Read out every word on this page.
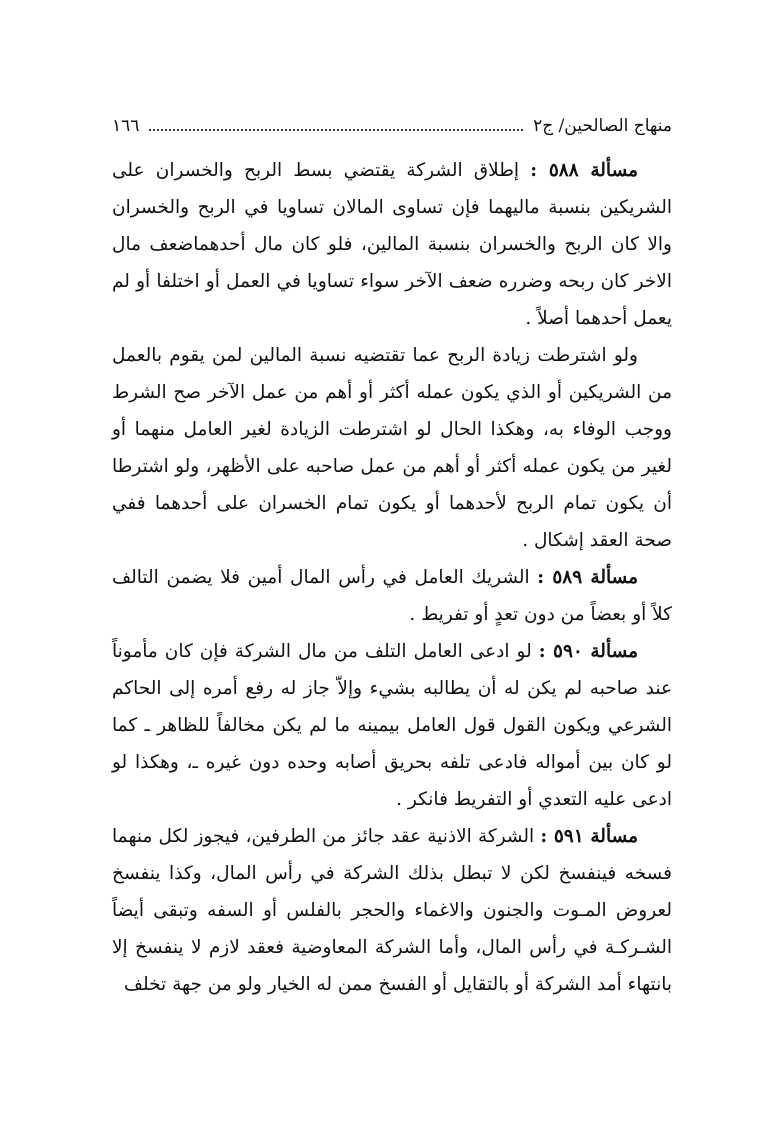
منهاج الصالحين/ ج٢
١٦٦

مسألة ٥٨٨ : إطلاق الشركة يقتضي بسط الربح والخسران على الشريكين بنسبة ماليهما فإن تساوى المالان تساويا في الربح والخسران والا كان الربح والخسران بنسبة المالين، فلو كان مال أحدهماضعف مال الاخر كان ربحه وضرره ضعف الآخر سواء تساويا في العمل أو اختلفا أو لم يعمل أحدهما أصلاً .

ولو اشترطت زيادة الربح عما تقتضيه نسبة المالين لمن يقوم بالعمل من الشريكين أو الذي يكون عمله أكثر أو أهم من عمل الآخر صح الشرط ووجب الوفاء به، وهكذا الحال لو اشترطت الزيادة لغير العامل منهما أو لغير من يكون عمله أكثر أو أهم من عمل صاحبه على الأظهر، ولو اشترطا أن يكون تمام الربح لأحدهما أو يكون تمام الخسران على أحدهما ففي صحة العقد إشكال .

مسألة ٥٨٩ : الشريك العامل في رأس المال أمين فلا يضمن التالف كلاً أو بعضاً من دون تعدٍ أو تفريط .

مسألة ٥٩٠ : لو ادعى العامل التلف من مال الشركة فإن كان مأموناً عند صاحبه لم يكن له أن يطالبه بشيء وإلاّ جاز له رفع أمره إلى الحاكم الشرعي ويكون القول قول العامل بيمينه ما لم يكن مخالفاً للظاهر ـ كما لو كان بين أمواله فادعى تلفه بحريق أصابه وحده دون غيره ـ، وهكذا لو ادعى عليه التعدي أو التفريط فانكر .

مسألة ٥٩١ : الشركة الاذنية عقد جائز من الطرفين، فيجوز لكل منهما فسخه فينفسخ لكن لا تبطل بذلك الشركة في رأس المال، وكذا ينفسخ لعروض المـوت والجنون والاغماء والحجر بالفلس أو السفه وتبقى أيضاً الشـركـة في رأس المال، وأما الشركة المعاوضية فعقد لازم لا ينفسخ إلا بانتهاء أمد الشركة أو بالتقايل أو الفسخ ممن له الخيار ولو من جهة تخلف
